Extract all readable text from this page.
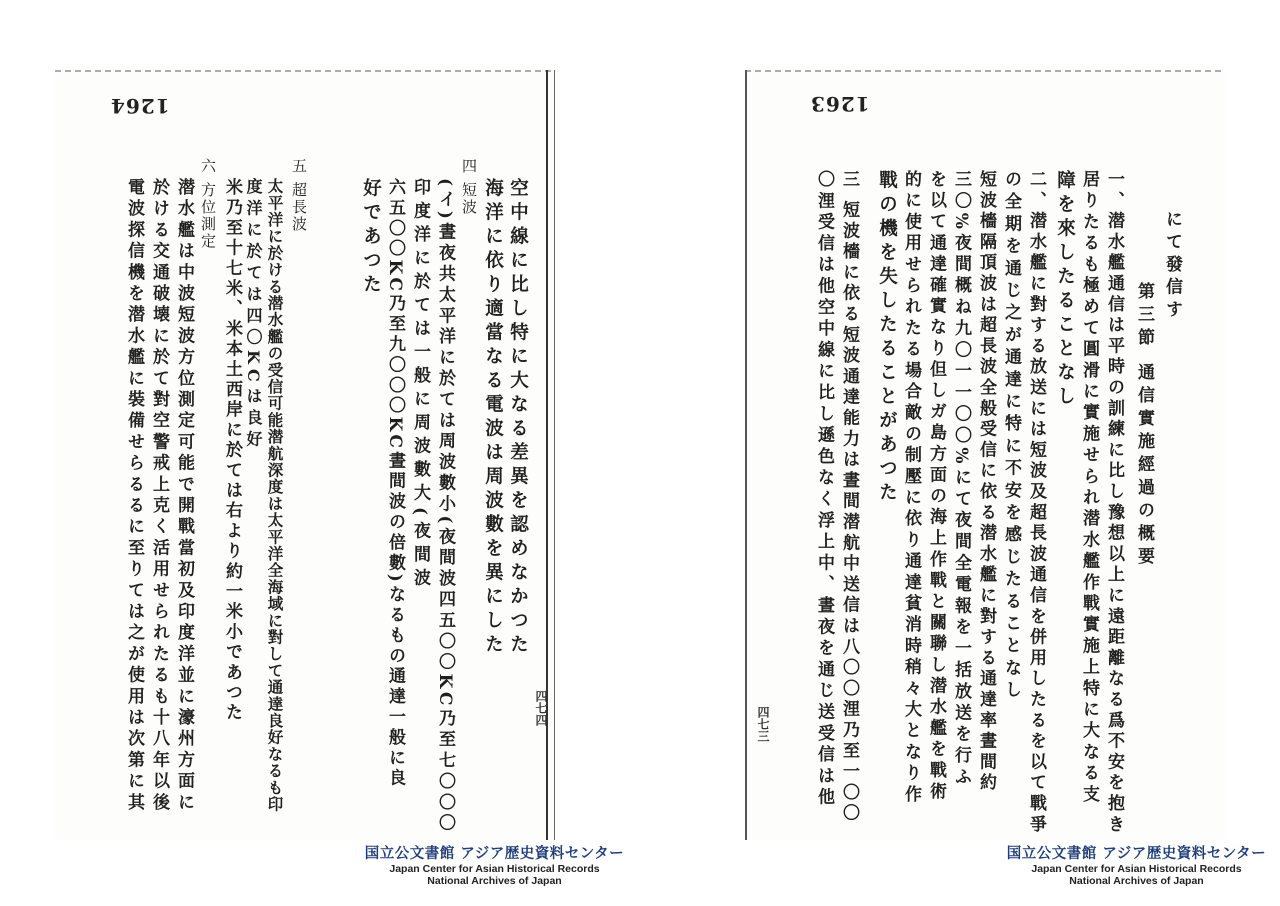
1264
四七四
空中線に比し特に大なる差異を認めなかつた
海洋に依り適當なる電波は周波數を異にした
四 短波
(イ)晝夜共太平洋に於ては周波數小(夜間波四五〇〇KC乃至七〇〇〇
印度洋に於ては一般に周波數大(夜間波
六五〇〇KC乃至九〇〇〇KC晝間波の倍數)なるもの通達一般に良
好であつた
五 超長波
太平洋に於ける潜水艦の受信可能潜航深度は太平洋全海域に對して通達良好なるも印
度洋に於ては四〇KCは良好
米乃至十七米、米本土西岸に於ては右より約一米小であつた
六 方位測定
潜水艦は中波短波方位測定可能で開戰當初及印度洋並に濠州方面に
於ける交通破壊に於て對空警戒上克く活用せられたるも十八年以後
電波探信機を潜水艦に裝備せらるるに至りては之が使用は次第に其
1263
四七三
にて發信す
第三節 通信實施經過の概要
一、潜水艦通信は平時の訓練に比し豫想以上に遠距離なる爲不安を抱き
居りたるも極めて圓滑に實施せられ潜水艦作戰實施上特に大なる支
障を來したることなし
二、潜水艦に對する放送には短波及超長波通信を併用したるを以て戰爭
の全期を通じ之が通達に特に不安を感じたることなし
短波檣隔頂波は超長波全般受信に依る潜水艦に對する通達率晝間約
三〇%夜間概ね九〇一一〇〇%にて夜間全電報を一括放送を行ふ
を以て通達確實なり但しガ島方面の海上作戰と關聯し潜水艦を戰術
的に使用せられたる場合敵の制壓に依り通達貧消時稍々大となり作
戰の機を失したることがあつた
三 短波檣に依る短波通達能力は晝間潜航中送信は八〇〇浬乃至一〇〇
〇浬受信は他空中線に比し遜色なく浮上中、晝夜を通じ送受信は他
国立公文書館 アジア歴史資料センター
Japan Center for Asian Historical Records
National Archives of Japan
国立公文書館 アジア歴史資料センター
Japan Center for Asian Historical Records
National Archives of Japan
